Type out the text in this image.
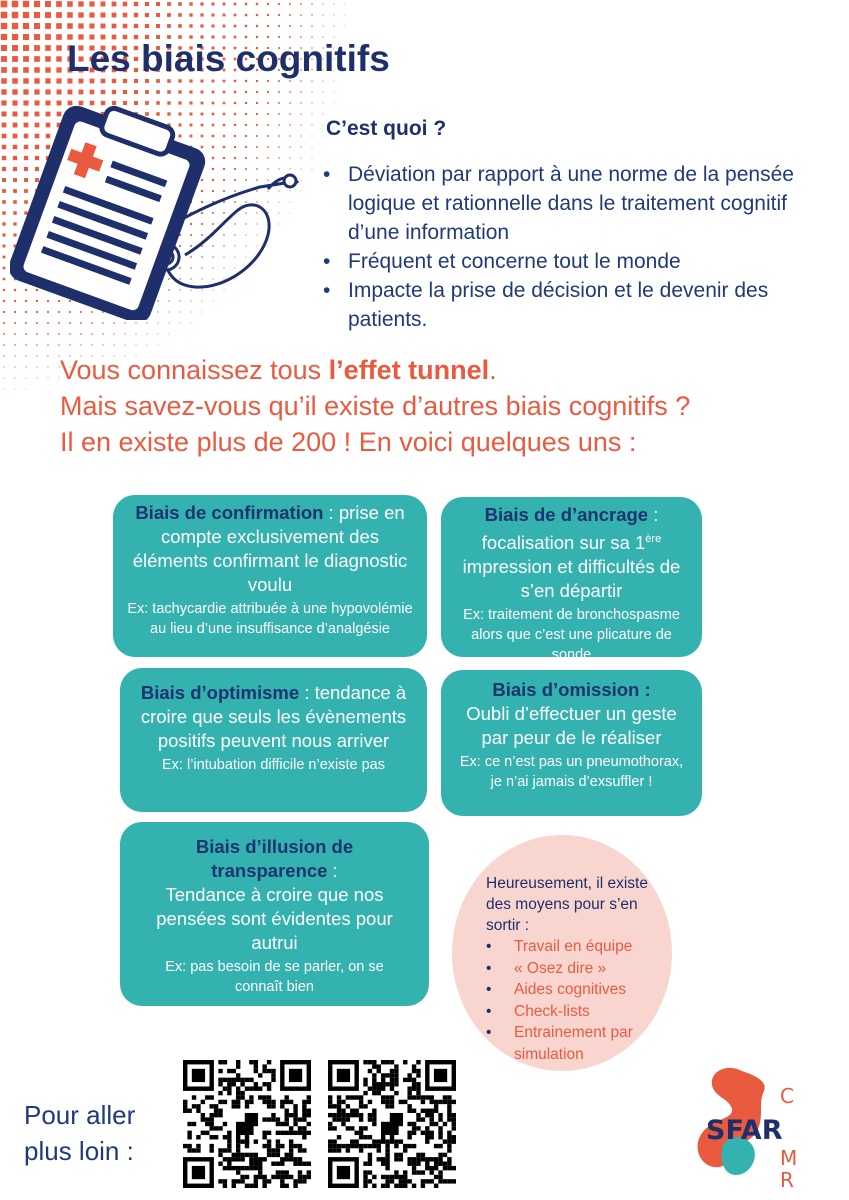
Les biais cognitifs
C’est quoi ?
• Déviation par rapport à une norme de la pensée logique et rationnelle dans le traitement cognitif d’une information
• Fréquent et concerne tout le monde
• Impacte la prise de décision et le devenir des patients.
Vous connaissez tous l’effet tunnel.
Mais savez-vous qu’il existe d’autres biais cognitifs ?
Il en existe plus de 200 ! En voici quelques uns :
Biais de confirmation : prise en compte exclusivement des éléments confirmant le diagnostic voulu
Ex: tachycardie attribuée à une hypovolémie au lieu d’une insuffisance d’analgésie
Biais de d’ancrage :
focalisation sur sa 1ère impression et difficultés de s’en départir
Ex: traitement de bronchospasme alors que c’est une plicature de sonde
Biais d’optimisme : tendance à croire que seuls les évènements positifs peuvent nous arriver
Ex: l’intubation difficile n’existe pas
Biais d’omission :
Oubli d’effectuer un geste par peur de le réaliser
Ex: ce n’est pas un pneumothorax, je n’ai jamais d’exsuffler !
Biais d’illusion de transparence :
Tendance à croire que nos pensées sont évidentes pour autrui
Ex: pas besoin de se parler, on se connaît bien
Heureusement, il existe des moyens pour s’en sortir :
• Travail en équipe
• « Osez dire »
• Aides cognitives
• Check-lists
• Entrainement par simulation
Pour aller
plus loin :
SFAR
C
M
R
